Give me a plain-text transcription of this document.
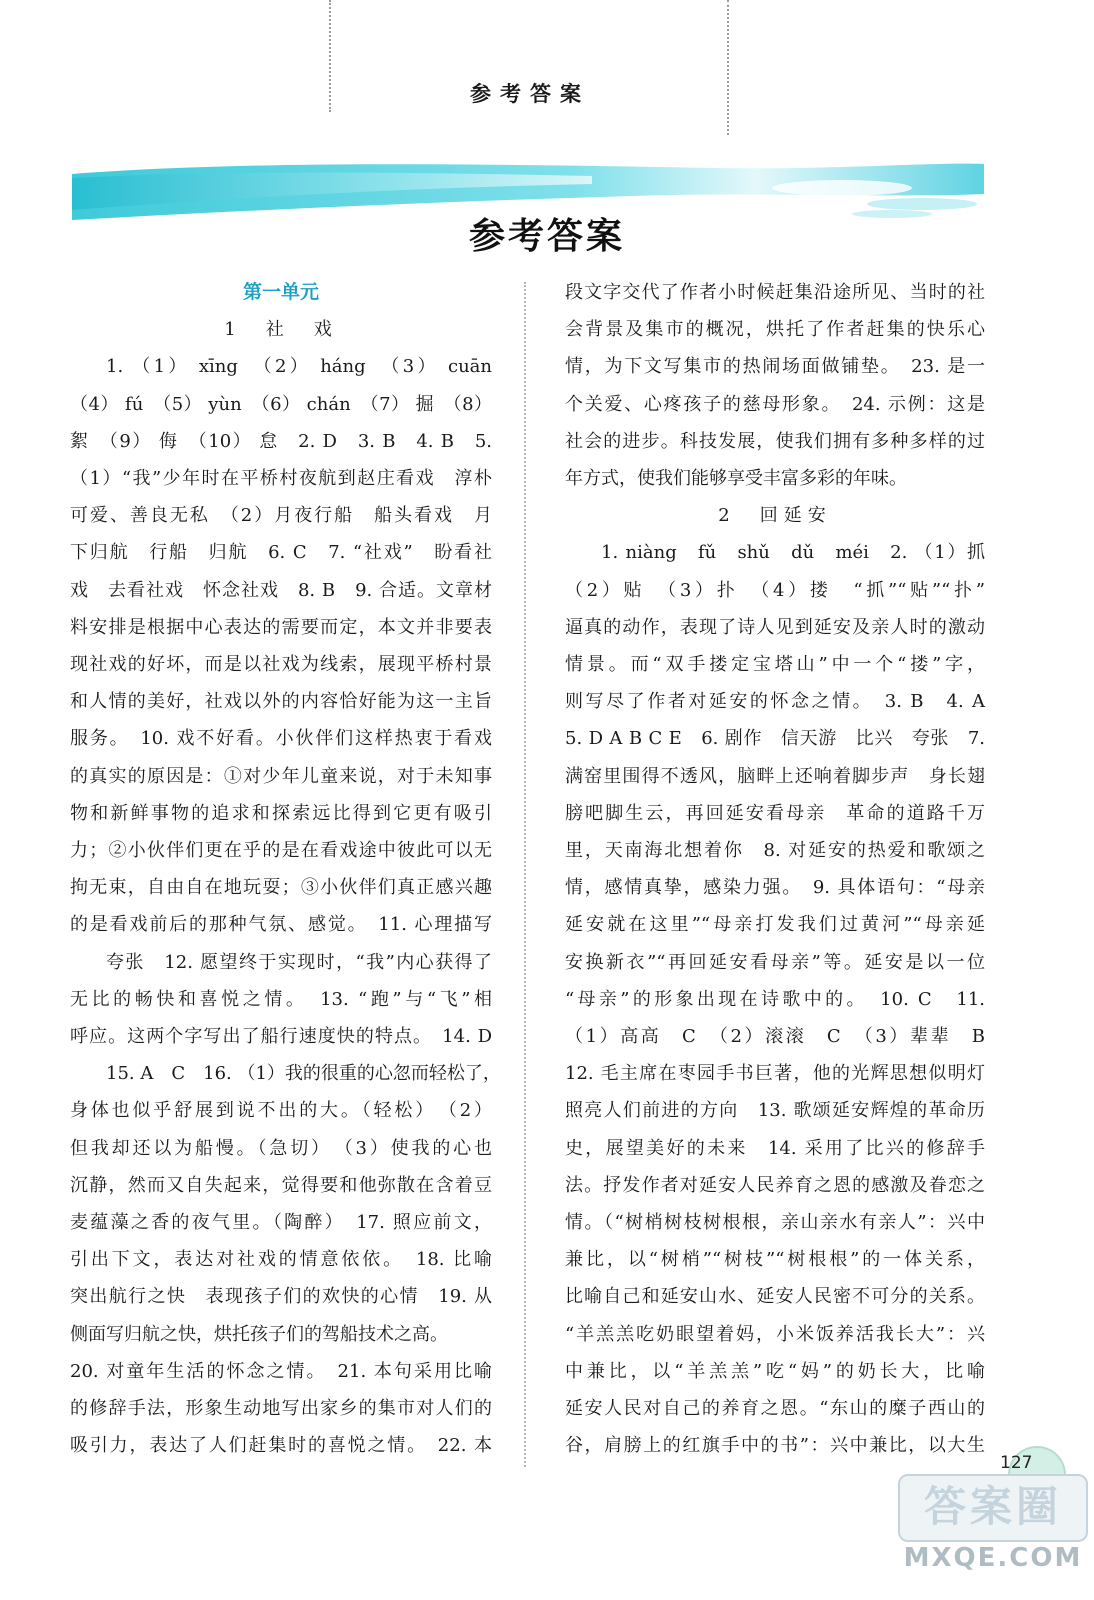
参考答案
参考答案

第一单元

1　社　戏

1. （1） xīng　（2） háng　（3） cuān

（4） fú　（5） yùn　（6） chán　（7） 掘　（8）

絮　（9） 侮　（10） 怠　2. D　3. B　4. B　5.

（1）“我”少年时在平桥村夜航到赵庄看戏　淳朴

可爱、善良无私　（2）月夜行船　船头看戏　月

下归航　行船　归航　6. C　7. “社戏”　盼看社

戏　去看社戏　怀念社戏　8. B　9. 合适。文章材

料安排是根据中心表达的需要而定，本文并非要表

现社戏的好坏，而是以社戏为线索，展现平桥村景

和人情的美好，社戏以外的内容恰好能为这一主旨

服务。　10. 戏不好看。小伙伴们这样热衷于看戏

的真实的原因是：①对少年儿童来说，对于未知事

物和新鲜事物的追求和探索远比得到它更有吸引

力；②小伙伴们更在乎的是在看戏途中彼此可以无

拘无束，自由自在地玩耍；③小伙伴们真正感兴趣

的是看戏前后的那种气氛、感觉。　11. 心理描写

夸张　12. 愿望终于实现时，“我”内心获得了

无比的畅快和喜悦之情。　13. “跑”与“飞”相

呼应。这两个字写出了船行速度快的特点。　14. D

15. A　C　16. （1）我的很重的心忽而轻松了，

身体也似乎舒展到说不出的大。（轻松）　（2）

但我却还以为船慢。（急切）　（3）使我的心也

沉静，然而又自失起来，觉得要和他弥散在含着豆

麦蕴藻之香的夜气里。（陶醉）　17. 照应前文，

引出下文，表达对社戏的情意依依。　18. 比喻

突出航行之快　表现孩子们的欢快的心情　19. 从

侧面写归航之快，烘托孩子们的驾船技术之高。

20. 对童年生活的怀念之情。　21. 本句采用比喻

的修辞手法，形象生动地写出家乡的集市对人们的

吸引力，表达了人们赶集时的喜悦之情。　22. 本

段文字交代了作者小时候赶集沿途所见、当时的社

会背景及集市的概况，烘托了作者赶集的快乐心

情，为下文写集市的热闹场面做铺垫。　23. 是一

个关爱、心疼孩子的慈母形象。　24. 示例：这是

社会的进步。科技发展，使我们拥有多种多样的过

年方式，使我们能够享受丰富多彩的年味。

2　回延安

1. niàng　fǔ　shǔ　dǔ　méi　2. （1）抓

（2）贴　（3）扑　（4）搂　“抓”“贴”“扑”

逼真的动作，表现了诗人见到延安及亲人时的激动

情景。而“双手搂定宝塔山”中一个“搂”字，

则写尽了作者对延安的怀念之情。　3. B　4. A

5. D A B C E　6. 剧作　信天游　比兴　夸张　7.

满窑里围得不透风，脑畔上还响着脚步声　身长翅

膀吧脚生云，再回延安看母亲　革命的道路千万

里，天南海北想着你　8. 对延安的热爱和歌颂之

情，感情真挚，感染力强。　9. 具体语句：“母亲

延安就在这里”“母亲打发我们过黄河”“母亲延

安换新衣”“再回延安看母亲”等。延安是以一位

“母亲”的形象出现在诗歌中的。　10. C　11.

（1）高高　C　（2）滚滚　C　（3）辈辈　B

12. 毛主席在枣园手书巨著，他的光辉思想似明灯

照亮人们前进的方向　13. 歌颂延安辉煌的革命历

史，展望美好的未来　14. 采用了比兴的修辞手

法。抒发作者对延安人民养育之恩的感激及眷恋之

情。（“树梢树枝树根根，亲山亲水有亲人”：兴中

兼比，以“树梢”“树枝”“树根根”的一体关系，

比喻自己和延安山水、延安人民密不可分的关系。

“羊羔羔吃奶眼望着妈，小米饭养活我长大”：兴

中兼比，以“羊羔羔”吃“妈”的奶长大，比喻

延安人民对自己的养育之恩。“东山的糜子西山的

谷，肩膀上的红旗手中的书”：兴中兼比，以大生

127
答案圈
MXQE.COM
